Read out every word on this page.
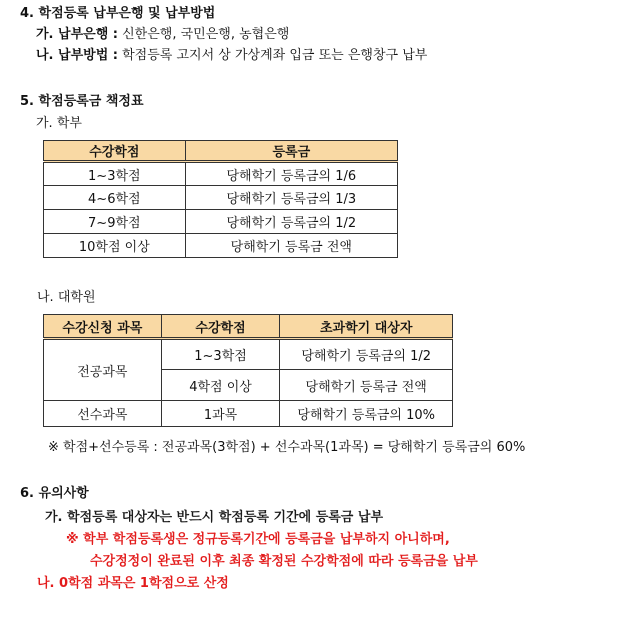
4. 학점등록 납부은행 및 납부방법
가. 납부은행 : 신한은행, 국민은행, 농협은행
나. 납부방법 : 학점등록 고지서 상 가상계좌 입금 또는 은행창구 납부
5. 학점등록금 책정표
가. 학부
수강학점	등록금
1~3학점	당해학기 등록금의 1/6
4~6학점	당해학기 등록금의 1/3
7~9학점	당해학기 등록금의 1/2
10학점 이상	당해학기 등록금 전액
나. 대학원
수강신청 과목	수강학점	초과학기 대상자
전공과목	1~3학점	당해학기 등록금의 1/2
	4학점 이상	당해학기 등록금 전액
선수과목	1과목	당해학기 등록금의 10%
※ 학점+선수등록 : 전공과목(3학점) + 선수과목(1과목) = 당해학기 등록금의 60%
6. 유의사항
가. 학점등록 대상자는 반드시 학점등록 기간에 등록금 납부
※ 학부 학점등록생은 정규등록기간에 등록금을 납부하지 아니하며,
수강정정이 완료된 이후 최종 확정된 수강학점에 따라 등록금을 납부
나. 0학점 과목은 1학점으로 산정
